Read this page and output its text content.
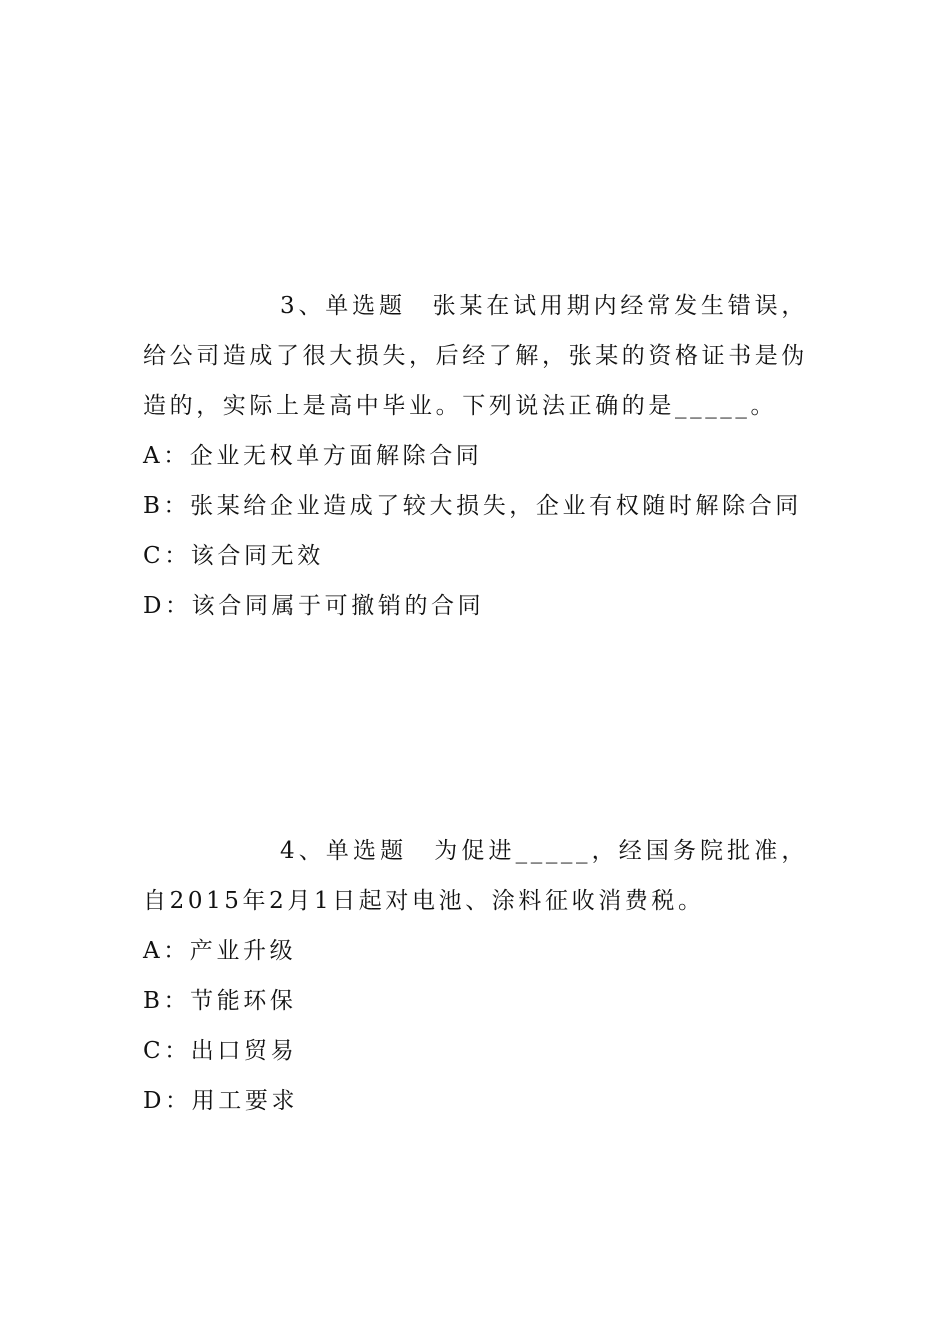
3、单选题　张某在试用期内经常发生错误，给公司造成了很大损失，后经了解，张某的资格证书是伪造的，实际上是高中毕业。下列说法正确的是_____。

A：企业无权单方面解除合同
B：张某给企业造成了较大损失，企业有权随时解除合同
C：该合同无效
D：该合同属于可撤销的合同

4、单选题　为促进_____，经国务院批准，自2015年2月1日起对电池、涂料征收消费税。

A：产业升级
B：节能环保
C：出口贸易
D：用工要求
